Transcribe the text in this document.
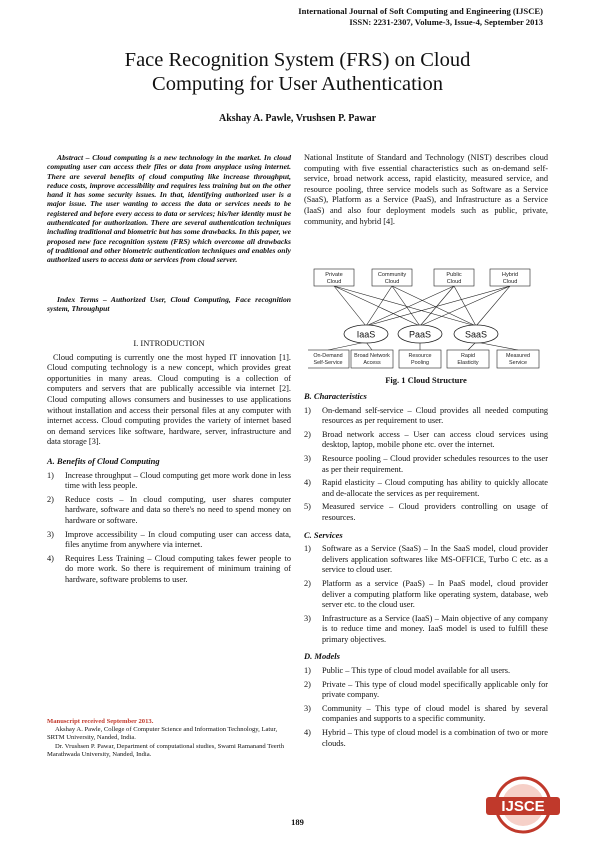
International Journal of Soft Computing and Engineering (IJSCE)
ISSN: 2231-2307, Volume-3, Issue-4, September 2013
Face Recognition System (FRS) on Cloud
Computing for User Authentication
Akshay A. Pawle, Vrushsen P. Pawar

Abstract – Cloud computing is a new technology in the market. In cloud computing user can access their files or data from anyplace using internet. There are several benefits of cloud computing like increase throughput, reduce costs, improve accessibility and requires less training but on the other hand it has some security issues. In that, identifying authorized user is a major issue. The user wanting to access the data or services needs to be registered and before every access to data or services; his/her identity must be authenticated for authorization. There are several authentication techniques including traditional and biometric but has some drawbacks. In this paper, we proposed new face recognition system (FRS) which overcome all drawbacks of traditional and other biometric authentication techniques and enables only authorized users to access data or services from cloud server.

Index Terms – Authorized User, Cloud Computing, Face recognition system, Throughput

I. INTRODUCTION

Cloud computing is currently one the most hyped IT innovation [1]. Cloud computing technology is a new concept, which provides great opportunities in many areas. Cloud computing is a collection of computers and servers that are publically accessible via internet [2]. Cloud computing allows consumers and businesses to use applications without installation and access their personal files at any computer with internet access. Cloud computing provides the variety of internet based on demand services like software, hardware, server, infrastructure and data storage [3].

A. Benefits of Cloud Computing
1) Increase throughput – Cloud computing get more work done in less time with less people.
2) Reduce costs – In cloud computing, user shares computer hardware, software and data so there's no need to spend money on hardware or software.
3) Improve accessibility – In cloud computing user can access data, files anytime from anywhere via internet.
4) Requires Less Training – Cloud computing takes fewer people to do more work. So there is requirement of minimum training of hardware, software problems to user.
Manuscript received September 2013.
Akshay A. Pawle, College of Computer Science and Information Technology, Latur, SRTM University, Nanded, India.
Dr. Vrushsen P. Pawar, Department of computational studies, Swami Ramanand Teerth Marathwada University, Nanded, India.

National Institute of Standard and Technology (NIST) describes cloud computing with five essential characteristics such as on-demand self-service, broad network access, rapid elasticity, measured service, and resource pooling, three service models such as Software as a Service (SaaS), Platform as a Service (PaaS), and Infrastructure as a Service (IaaS) and also four deployment models such as public, private, community, and hybrid [4].

Private
Cloud
Community
Cloud
Public
Cloud
Hybrid
Cloud
IaaS	PaaS	SaaS
On-Demand
Self-Service
Broad Network
Access
Resource
Pooling
Rapid
Elasticity
Measured
Service
Fig. 1 Cloud Structure
B. Characteristics
1) On-demand self-service – Cloud provides all needed computing resources as per requirement to user.
2) Broad network access – User can access cloud services using desktop, laptop, mobile phone etc. over the internet.
3) Resource pooling – Cloud provider schedules resources to the user as per their requirement.
4) Rapid elasticity – Cloud computing has ability to quickly allocate and de-allocate the services as per requirement.
5) Measured service – Cloud providers controlling on usage of resources.
C. Services
1) Software as a Service (SaaS) – In the SaaS model, cloud provider delivers application softwares like MS-OFFICE, Turbo C etc. as a service to cloud user.
2) Platform as a service (PaaS) – In PaaS model, cloud provider deliver a computing platform like operating system, database, web server etc. to the cloud user.
3) Infrastructure as a Service (IaaS) – Main objective of any company is to reduce time and money. IaaS model is used to fulfill these primary objectives.
D. Models
1) Public – This type of cloud model available for all users.
2) Private – This type of cloud model specifically applicable only for private company.
3) Community – This type of cloud model is shared by several companies and supports to a specific community.
4) Hybrid – This type of cloud model is a combination of two or more clouds.
189
IJSCE
